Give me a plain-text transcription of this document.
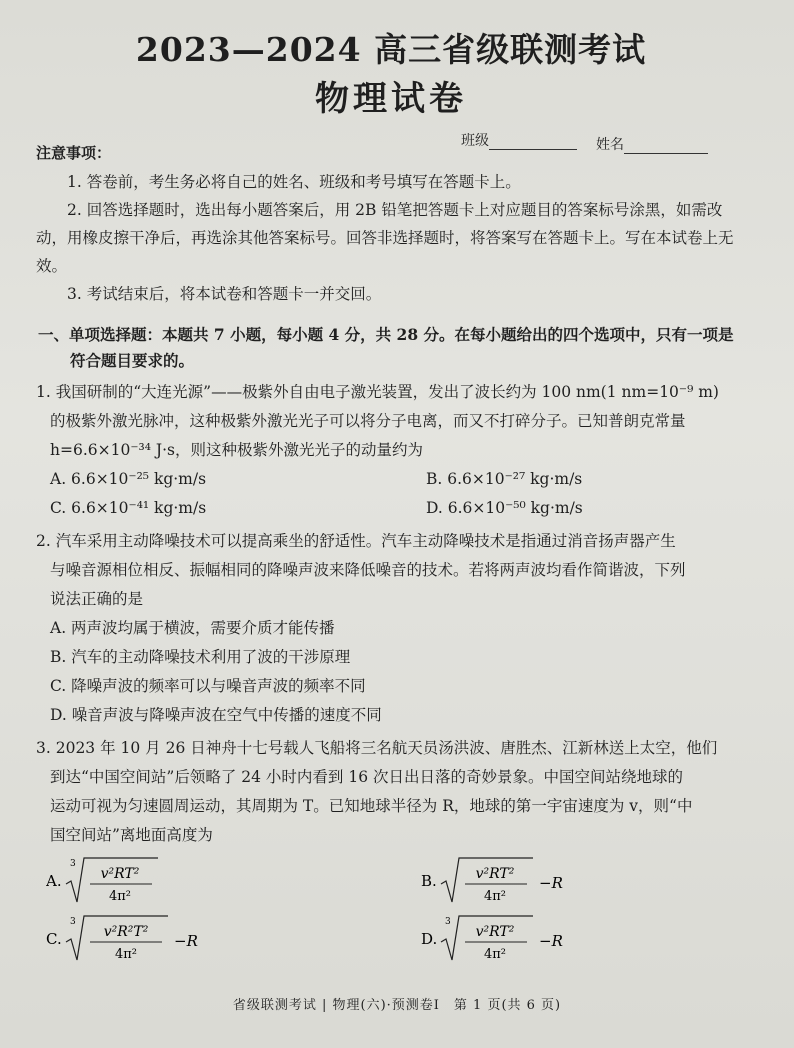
2023—2024 高三省级联测考试
物理试卷
注意事项：
班级	姓名

1. 答卷前，考生务必将自己的姓名、班级和考号填写在答题卡上。

2. 回答选择题时，选出每小题答案后，用 2B 铅笔把答题卡上对应题目的答案标号涂黑，如需改动，用橡皮擦干净后，再选涂其他答案标号。回答非选择题时，将答案写在答题卡上。写在本试卷上无效。

3. 考试结束后，将本试卷和答题卡一并交回。

一、单项选择题：本题共 7 小题，每小题 4 分，共 28 分。在每小题给出的四个选项中，只有一项是
符合题目要求的。

1. 我国研制的“大连光源”——极紫外自由电子激光装置，发出了波长约为 100 nm(1 nm=10⁻⁹ m)

的极紫外激光脉冲，这种极紫外激光光子可以将分子电离，而又不打碎分子。已知普朗克常量

h=6.6×10⁻³⁴ J·s，则这种极紫外激光光子的动量约为

A. 6.6×10⁻²⁵ kg·m/s	B. 6.6×10⁻²⁷ kg·m/s
C. 6.6×10⁻⁴¹ kg·m/s	D. 6.6×10⁻⁵⁰ kg·m/s

2. 汽车采用主动降噪技术可以提高乘坐的舒适性。汽车主动降噪技术是指通过消音扬声器产生

与噪音源相位相反、振幅相同的降噪声波来降低噪音的技术。若将两声波均看作简谐波，下列

说法正确的是

A. 两声波均属于横波，需要介质才能传播
B. 汽车的主动降噪技术利用了波的干涉原理
C. 降噪声波的频率可以与噪音声波的频率不同
D. 噪音声波与降噪声波在空气中传播的速度不同

3. 2023 年 10 月 26 日神舟十七号载人飞船将三名航天员汤洪波、唐胜杰、江新林送上太空，他们

到达“中国空间站”后领略了 24 小时内看到 16 次日出日落的奇妙景象。中国空间站绕地球的

运动可视为匀速圆周运动，其周期为 T。已知地球半径为 R，地球的第一宇宙速度为 v，则“中

国空间站”离地面高度为

A.
3
v²RT²
4π²
B.	v²RT²
4π²
−R
C.
3
v²R²T²
4π²
−R	D.
3
v²RT²
4π²
−R
省级联测考试 | 物理(六)·预测卷Ⅰ　第 1 页(共 6 页)
